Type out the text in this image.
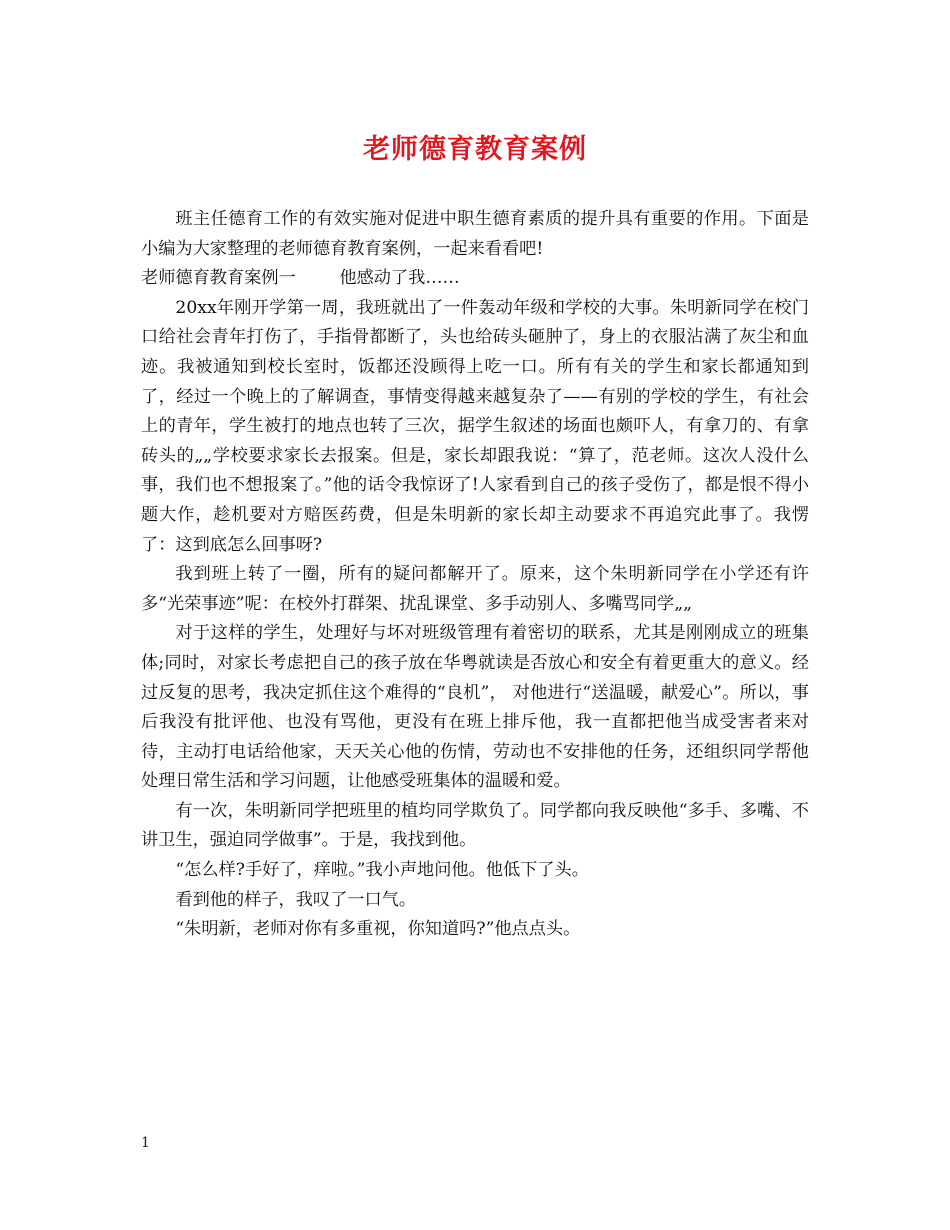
老师德育教育案例

班主任德育工作的有效实施对促进中职生德育素质的提升具有重要的作用。下面是小编为大家整理的老师德育教育案例，一起来看看吧!

老师德育教育案例一	他感动了我……

20xx年刚开学第一周，我班就出了一件轰动年级和学校的大事。朱明新同学在校门口给社会青年打伤了，手指骨都断了，头也给砖头砸肿了，身上的衣服沾满了灰尘和血迹。我被通知到校长室时，饭都还没顾得上吃一口。所有有关的学生和家长都通知到了，经过一个晚上的了解调查，事情变得越来越复杂了——有别的学校的学生，有社会上的青年，学生被打的地点也转了三次，据学生叙述的场面也颇吓人，有拿刀的、有拿砖头的„„学校要求家长去报案。但是，家长却跟我说：“算了，范老师。这次人没什么事，我们也不想报案了。”他的话令我惊讶了!人家看到自己的孩子受伤了，都是恨不得小题大作，趁机要对方赔医药费，但是朱明新的家长却主动要求不再追究此事了。我愣了：这到底怎么回事呀?

我到班上转了一圈，所有的疑问都解开了。原来，这个朱明新同学在小学还有许多“光荣事迹”呢：在校外打群架、扰乱课堂、多手动别人、多嘴骂同学„„

对于这样的学生，处理好与坏对班级管理有着密切的联系，尤其是刚刚成立的班集体;同时，对家长考虑把自己的孩子放在华粤就读是否放心和安全有着更重大的意义。经过反复的思考，我决定抓住这个难得的“良机”， 对他进行“送温暖，献爱心”。所以，事后我没有批评他、也没有骂他，更没有在班上排斥他，我一直都把他当成受害者来对待，主动打电话给他家，天天关心他的伤情，劳动也不安排他的任务，还组织同学帮他处理日常生活和学习问题，让他感受班集体的温暖和爱。

有一次，朱明新同学把班里的植均同学欺负了。同学都向我反映他“多手、多嘴、不讲卫生，强迫同学做事”。于是，我找到他。

“怎么样?手好了，痒啦。”我小声地问他。他低下了头。

看到他的样子，我叹了一口气。

“朱明新，老师对你有多重视，你知道吗?”他点点头。

1
